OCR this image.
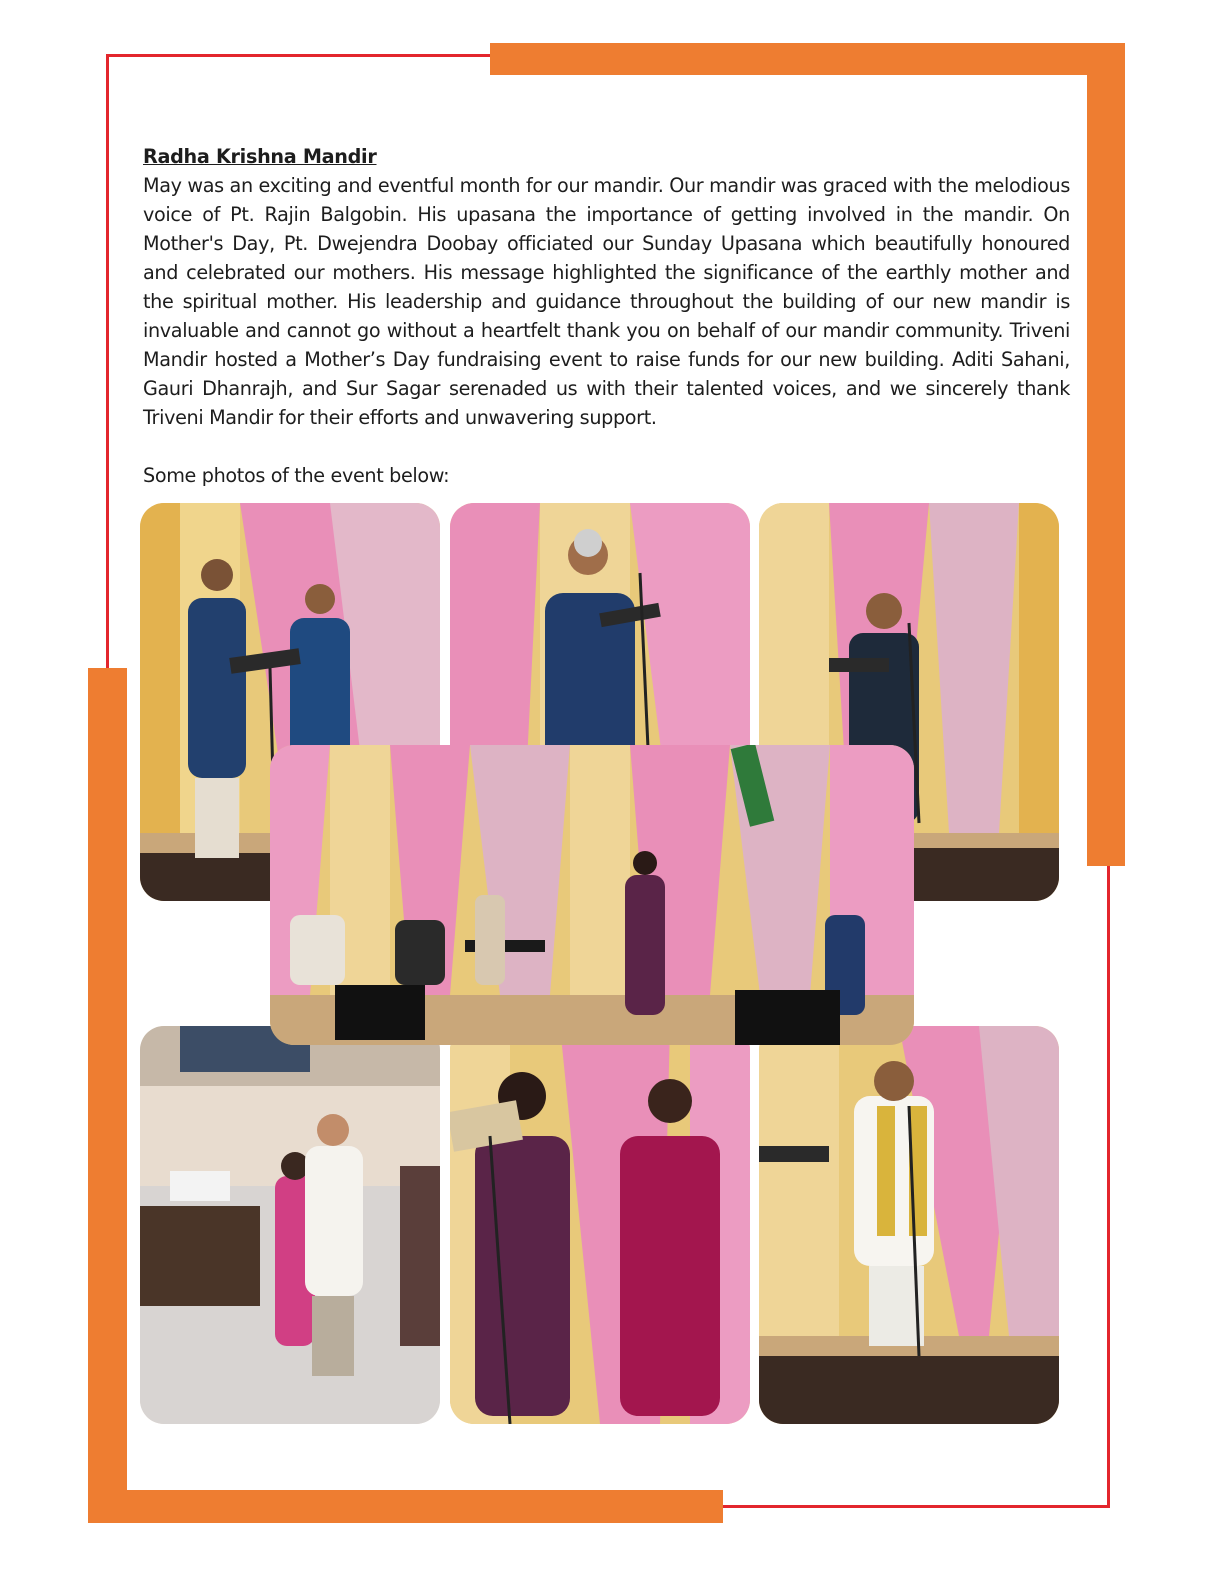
Radha Krishna Mandir

May was an exciting and eventful month for our mandir. Our mandir was graced with the melodious voice of Pt. Rajin Balgobin. His upasana the importance of getting involved in the mandir. On Mother's Day, Pt. Dwejendra Doobay officiated our Sunday Upasana which beautifully honoured and celebrated our mothers. His message highlighted the significance of the earthly mother and the spiritual mother. His leadership and guidance throughout the building of our new mandir is invaluable and cannot go without a heartfelt thank you on behalf of our mandir community. Triveni Mandir hosted a Mother’s Day fundraising event to raise funds for our new building. Aditi Sahani, Gauri Dhanrajh, and Sur Sagar serenaded us with their talented voices, and we sincerely thank Triveni Mandir for their efforts and unwavering support.

Some photos of the event below:
